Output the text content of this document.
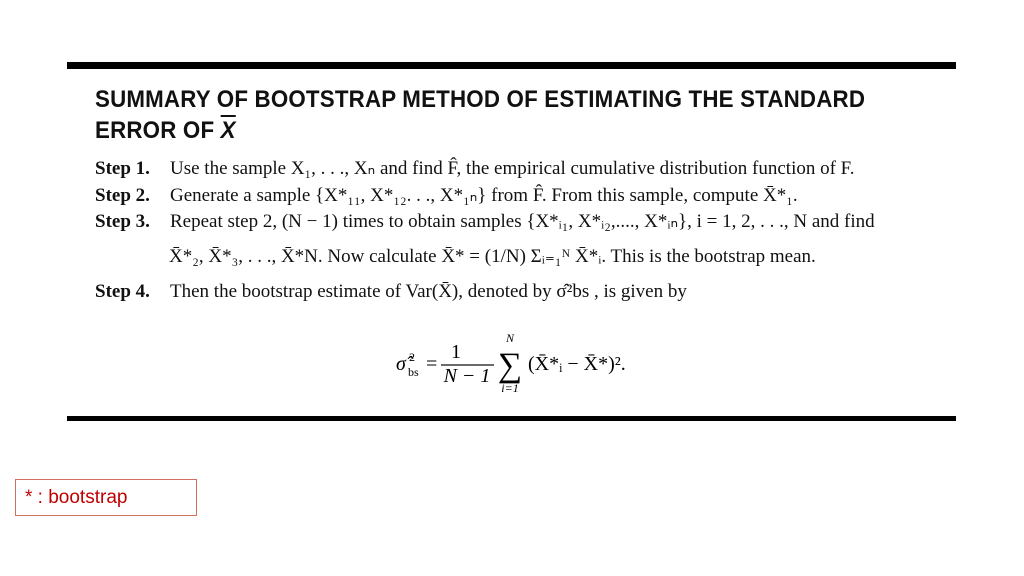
SUMMARY OF BOOTSTRAP METHOD OF ESTIMATING THE STANDARD
ERROR OF $\overline{X}$
Step 1. Use the sample X₁, . . ., Xₙ and find F̂, the empirical cumulative distribution function of F.
Step 2. Generate a sample {X*₁₁, X*₁₂. . ., X*₁ₙ} from F̂. From this sample, compute X̄*₁.
Step 3. Repeat step 2, (N − 1) times to obtain samples {X*ᵢ₁, X*ᵢ₂,...., X*ᵢₙ}, i = 1, 2, . . ., N and find
X̄*₂, X̄*₃, . . ., X̄*N. Now calculate X̄* = (1/N) Σᵢ₌₁ᴺ X̄*ᵢ. This is the bootstrap mean.
Step 4. Then the bootstrap estimate of Var(X̄), denoted by σ̂²bs , is given by
σ̂ 2
bs =
1
N − 1
N
∑
i=1
(X̄*ᵢ − X̄*)².
* : bootstrap
